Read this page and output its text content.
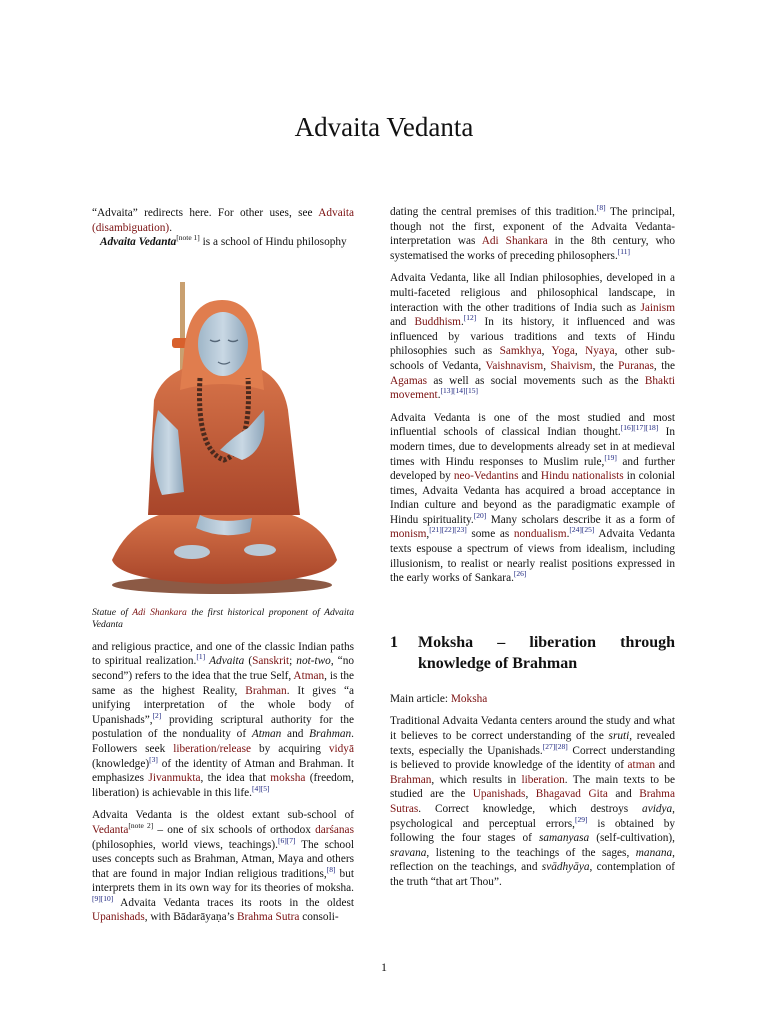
Advaita Vedanta

“Advaita” redirects here. For other uses, see Advaita (disambiguation).

Advaita Vedanta[note 1] is a school of Hindu philosophy

Statue of Adi Shankara the first historical proponent of Advaita Vedanta

and religious practice, and one of the classic Indian paths to spiritual realization.[1] Advaita (Sanskrit; not-two, “no second”) refers to the idea that the true Self, Atman, is the same as the highest Reality, Brahman. It gives “a unifying interpretation of the whole body of Upanishads”,[2] providing scriptural authority for the postulation of the nonduality of Atman and Brahman. Followers seek liberation/release by acquiring vidyā (knowledge)[3] of the identity of Atman and Brahman. It emphasizes Jivanmukta, the idea that moksha (freedom, liberation) is achievable in this life.[4][5]

Advaita Vedanta is the oldest extant sub-school of Vedanta[note 2] – one of six schools of orthodox darśanas (philosophies, world views, teachings).[6][7] The school uses concepts such as Brahman, Atman, Maya and others that are found in major Indian religious traditions,[8] but interprets them in its own way for its theories of moksha.[9][10] Advaita Vedanta traces its roots in the oldest Upanishads, with Bādarāyaṇa’s Brahma Sutra consoli-

dating the central premises of this tradition.[8] The principal, though not the first, exponent of the Advaita Vedanta-interpretation was Adi Shankara in the 8th century, who systematised the works of preceding philosophers.[11]

Advaita Vedanta, like all Indian philosophies, developed in a multi-faceted religious and philosophical landscape, in interaction with the other traditions of India such as Jainism and Buddhism.[12] In its history, it influenced and was influenced by various traditions and texts of Hindu philosophies such as Samkhya, Yoga, Nyaya, other sub-schools of Vedanta, Vaishnavism, Shaivism, the Puranas, the Agamas as well as social movements such as the Bhakti movement.[13][14][15]

Advaita Vedanta is one of the most studied and most influential schools of classical Indian thought.[16][17][18] In modern times, due to developments already set in at medieval times with Hindu responses to Muslim rule,[19] and further developed by neo-Vedantins and Hindu nationalists in colonial times, Advaita Vedanta has acquired a broad acceptance in Indian culture and beyond as the paradigmatic example of Hindu spirituality.[20] Many scholars describe it as a form of monism,[21][22][23] some as nondualism.[24][25] Advaita Vedanta texts espouse a spectrum of views from idealism, including illusionism, to realist or nearly realist positions expressed in the early works of Sankara.[26]

1	Moksha – liberation through knowledge of Brahman

Main article: Moksha

Traditional Advaita Vedanta centers around the study and what it believes to be correct understanding of the sruti, revealed texts, especially the Upanishads.[27][28] Correct understanding is believed to provide knowledge of the identity of atman and Brahman, which results in liberation. The main texts to be studied are the Upanishads, Bhagavad Gita and Brahma Sutras. Correct knowledge, which destroys avidya, psychological and perceptual errors,[29] is obtained by following the four stages of samanyasa (self-cultivation), sravana, listening to the teachings of the sages, manana, reflection on the teachings, and svādhyāya, contemplation of the truth “that art Thou”.

1
